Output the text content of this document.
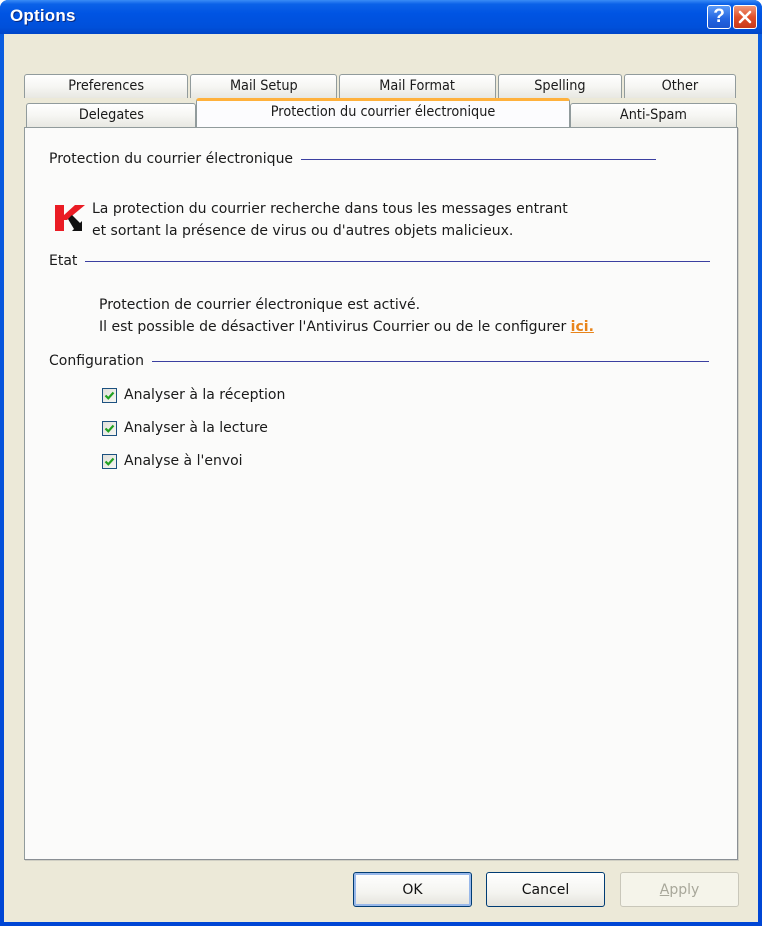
Options	?
Preferences	Mail Setup	Mail Format	Spelling	Other
Delegates	Protection du courrier électronique	Anti-Spam
Protection du courrier électronique
La protection du courrier recherche dans tous les messages entrant
et sortant la présence de virus ou d'autres objets malicieux.
Etat
Protection de courrier électronique est activé.
Il est possible de désactiver l'Antivirus Courrier ou de le configurer ici.
Configuration
Analyser à la réception
Analyser à la lecture
Analyse à l'envoi
OK	Cancel	Apply
